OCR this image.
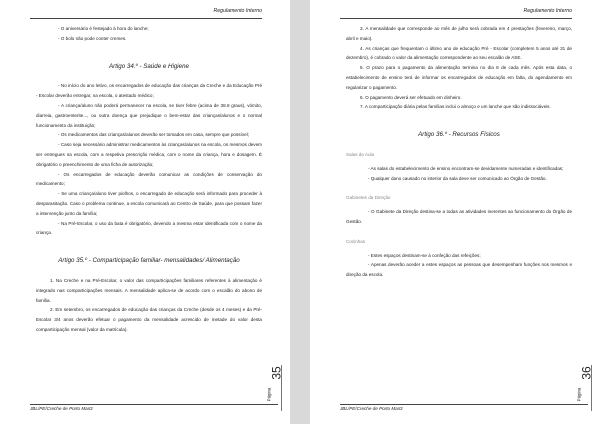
Regulamento Interno

- O aniversário é festejado à hora do lanche;

- O bolo não pode conter cremes.

Artigo 34.º - Saúde e Higiene

- No início do ano letivo, os encarregados de educação das crianças da Creche e da Educação Pré - Escolar deverão entregar, na escola, o atestado médico;

- A criança/aluno não poderá permanecer na escola, se tiver febre (acima de 38.8 graus), vómito, diarreia, gastroenterite..., ou outra doença que prejudique o bem-estar das crianças/alunos e o normal funcionamento da instituição;

- Os medicamentos das crianças/alunos deverão ser tomados em casa, sempre que possível;

- Caso seja necessário administrar medicamentos às crianças/alunos na escola, os mesmos devem ser entregues na escola, com a respetiva prescrição médica, com o nome da criança, hora e dosagem. É obrigatório o preenchimento de uma ficha de autorização;

- Os encarregados de educação deverão comunicar as condições de conservação do medicamento;

- Se uma criança/aluno tiver piolhos, o encarregado de educação será informado para proceder à desparasitação. Caso o problema continue, a escola comunicará ao Centro de Saúde, para que possam fazer a intervenção junto da família;

- Na Pré-Escolar, o uso da bata é obrigatório, devendo a mesma estar identificada com o nome da criança.

Artigo 35.º - Comparticipação familiar- mensalidades/ Alimentação

1. Na Creche e na Pré-Escolar, o valor das comparticipações familiares referentes à alimentação é integrado nas comparticipações mensais. A mensalidade aplica-se de acordo com o escalão do abono de família.

2. Em setembro, os encarregados de educação das crianças da Creche (desde os 4 meses) e da Pré-Escolar 3/4 anos deverão efetuar o pagamento da mensalidade acrescido de metade do valor desta comparticipação mensal (valor da matrícula).

35
Página
JBL/PE/Creche de Porto Martz
Regulamento Interno

3. A mensalidade que corresponde ao mês de julho será cobrada em 4 prestações (fevereiro, março, abril e maio).

4. As crianças que frequentam o último ano de educação Pré - Escolar (completem 5 anos até 31 de dezembro), é cobrado o valor da alimentação correspondente ao seu escalão de ASE.

5. O prazo para o pagamento da alimentação termina no dia 8 de cada mês. Após esta data, o estabelecimento de ensino terá de informar os encarregados de educação em falta, do agendamento em regularizar o pagamento.

6. O pagamento deverá ser efetuado em dinheiro.

7. A comparticipação diária pelas famílias inclui o almoço e um lanche que são indissociáveis.

Artigo 36.º - Recursos Físicos
Salas de Aula

- As salas do estabelecimento de ensino encontram-se devidamente numeradas e identificadas;

- Qualquer dano causado no interior da sala deve ser comunicado ao Órgão de Gestão.

Gabinetes da Direção

- O Gabinete da Direção destina-se a todas as atividades inerentes ao funcionamento do Órgão de Gestão.

Cozinhas

- Estes espaços destinam-se à confeção das refeições;

- Apenas deverão aceder a estes espaços as pessoas que desempenham funções nos mesmos e direção da escola.

36
Página
JBL/PE/Creche de Porto Martz
